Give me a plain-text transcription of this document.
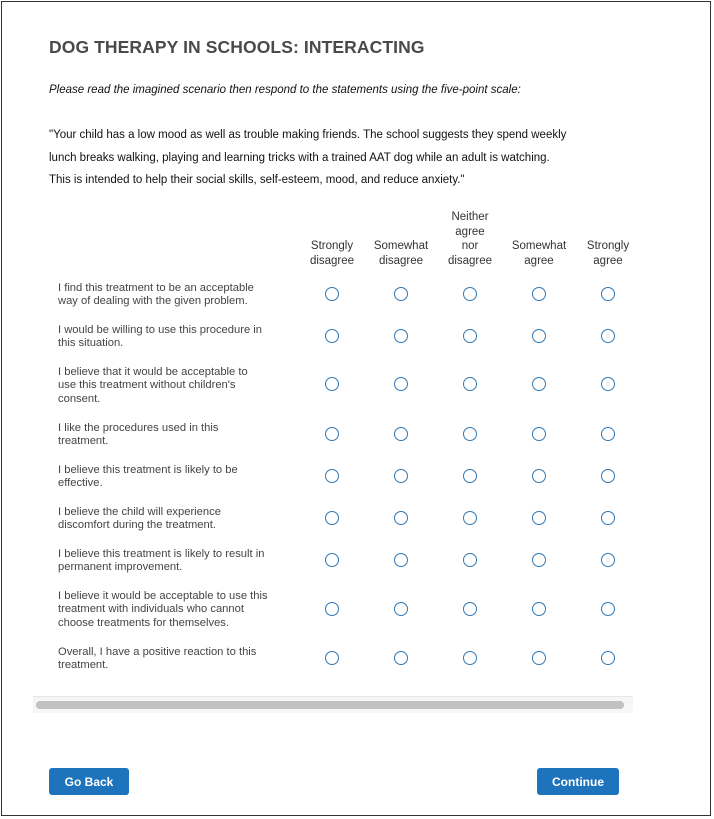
DOG THERAPY IN SCHOOLS: INTERACTING

Please read the imagined scenario then respond to the statements using the five-point scale:

"Your child has a low mood as well as trouble making friends. The school suggests they spend weekly
lunch breaks walking, playing and learning tricks with a trained AAT dog while an adult is watching.
This is intended to help their social skills, self-esteem, mood, and reduce anxiety."
Strongly
disagree
Somewhat
disagree
Neither
agree
nor
disagree
Somewhat
agree
Strongly
agree
I find this treatment to be an acceptable
way of dealing with the given problem.
I would be willing to use this procedure in
this situation.
I believe that it would be acceptable to
use this treatment without children's
consent.
I like the procedures used in this
treatment.
I believe this treatment is likely to be
effective.
I believe the child will experience
discomfort during the treatment.
I believe this treatment is likely to result in
permanent improvement.
I believe it would be acceptable to use this
treatment with individuals who cannot
choose treatments for themselves.
Overall, I have a positive reaction to this
treatment.
Go Back	Continue
